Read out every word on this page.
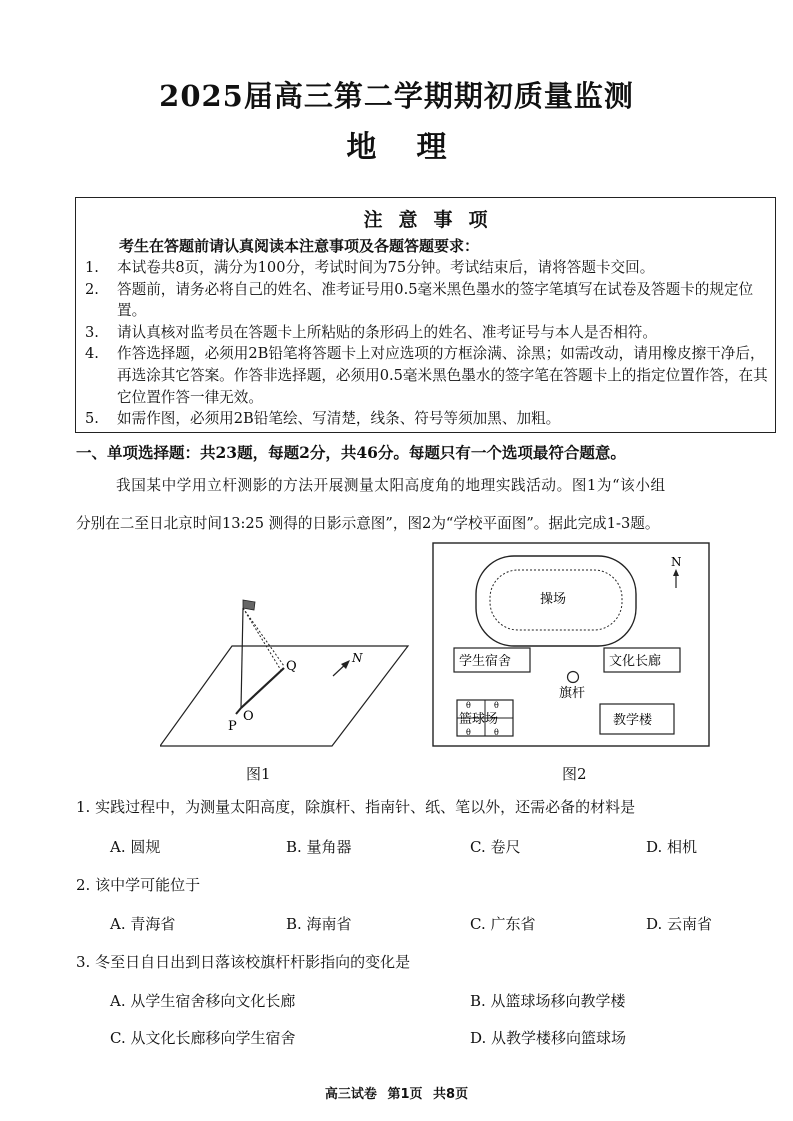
2025届高三第二学期期初质量监测
地理
注意事项
考生在答题前请认真阅读本注意事项及各题答题要求：
1.	本试卷共8页，满分为100分，考试时间为75分钟。考试结束后，请将答题卡交回。
2.	答题前，请务必将自己的姓名、准考证号用0.5毫米黑色墨水的签字笔填写在试卷及答题卡的规定位置。
3.	请认真核对监考员在答题卡上所粘贴的条形码上的姓名、准考证号与本人是否相符。
4.	作答选择题，必须用2B铅笔将答题卡上对应选项的方框涂满、涂黑；如需改动，请用橡皮擦干净后，再选涂其它答案。作答非选择题，必须用0.5毫米黑色墨水的签字笔在答题卡上的指定位置作答，在其它位置作答一律无效。
5.	如需作图，必须用2B铅笔绘、写清楚，线条、符号等须加黑、加粗。
一、单项选择题：共23题，每题2分，共46分。每题只有一个选项最符合题意。
我国某中学用立杆测影的方法开展测量太阳高度角的地理实践活动。图1为“该小组
分别在二至日北京时间13:25 测得的日影示意图”，图2为“学校平面图”。据此完成1-3题。
P
O
Q
N
图1
操场
N
学生宿舍	文化长廊
旗杆
θ	θ
θ	θ
篮球场	教学楼
图2
1. 实践过程中，为测量太阳高度，除旗杆、指南针、纸、笔以外，还需必备的材料是
A. 圆规	B. 量角器	C. 卷尺	D. 相机
2. 该中学可能位于
A. 青海省	B. 海南省	C. 广东省	D. 云南省
3. 冬至日自日出到日落该校旗杆杆影指向的变化是
A. 从学生宿舍移向文化长廊	B. 从篮球场移向教学楼
C. 从文化长廊移向学生宿舍	D. 从教学楼移向篮球场
高三试卷 第1页 共8页
